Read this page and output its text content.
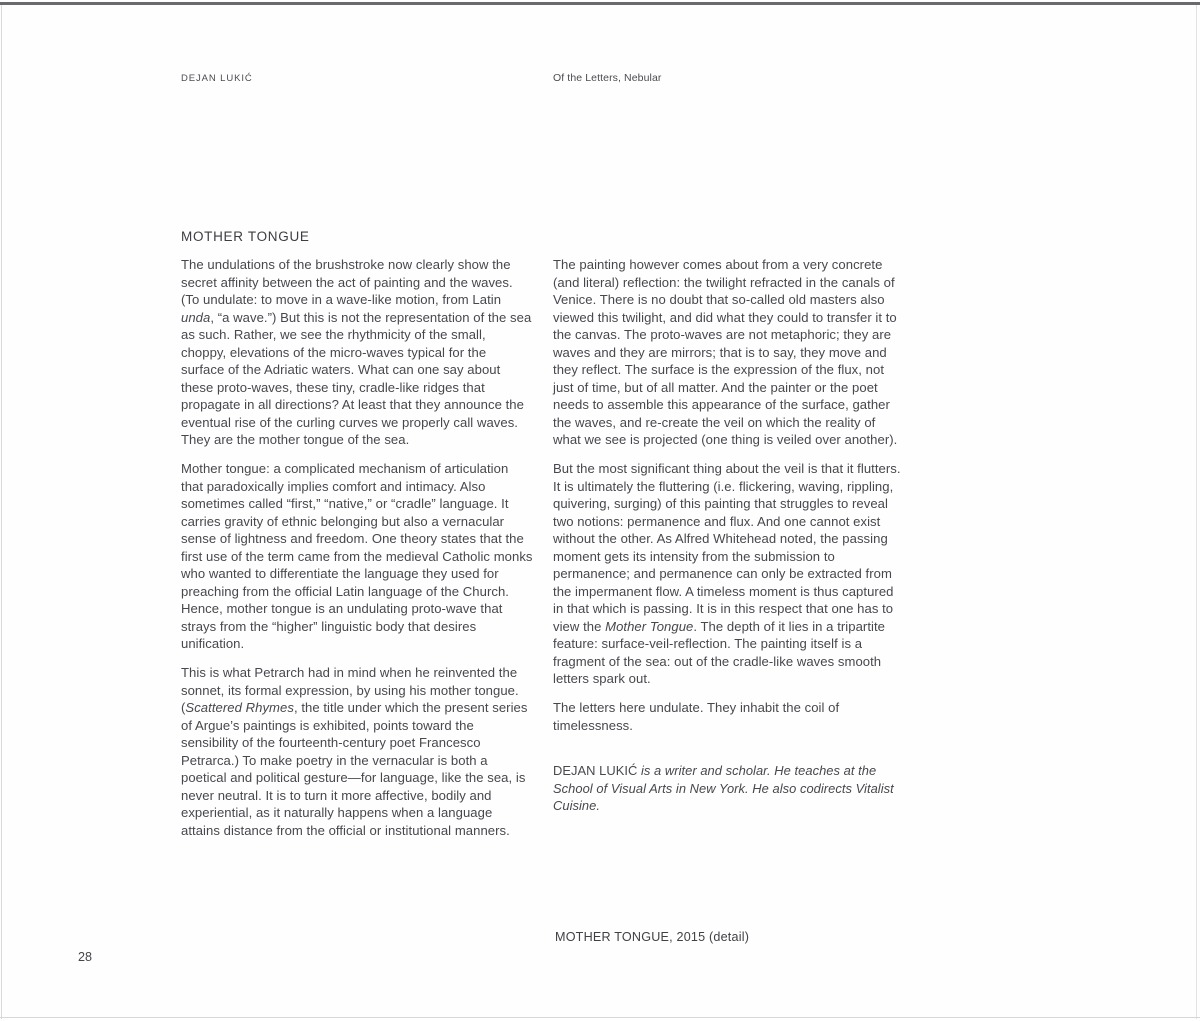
DEJAN LUKIĆ	Of the Letters, Nebular
MOTHER TONGUE

The undulations of the brushstroke now clearly show the secret affinity between the act of painting and the waves. (To undulate: to move in a wave-like motion, from Latin unda, “a wave.”) But this is not the representation of the sea as such. Rather, we see the rhythmicity of the small, choppy, elevations of the micro-waves typical for the surface of the Adriatic waters. What can one say about these proto-waves, these tiny, cradle-like ridges that propagate in all directions? At least that they announce the eventual rise of the curling curves we properly call waves. They are the mother tongue of the sea.

Mother tongue: a complicated mechanism of articulation that paradoxically implies comfort and intimacy. Also sometimes called “first,” “native,” or “cradle” language. It carries gravity of ethnic belonging but also a vernacular sense of lightness and freedom. One theory states that the first use of the term came from the medieval Catholic monks who wanted to differentiate the language they used for preaching from the official Latin language of the Church. Hence, mother tongue is an undulating proto-wave that strays from the “higher” linguistic body that desires unification.

This is what Petrarch had in mind when he reinvented the sonnet, its formal expression, by using his mother tongue. (Scattered Rhymes, the title under which the present series of Argue’s paintings is exhibited, points toward the sensibility of the fourteenth-century poet Francesco Petrarca.) To make poetry in the vernacular is both a poetical and political gesture—for language, like the sea, is never neutral. It is to turn it more affective, bodily and experiential, as it naturally happens when a language attains distance from the official or institutional manners.

The painting however comes about from a very concrete (and literal) reflection: the twilight refracted in the canals of Venice. There is no doubt that so-called old masters also viewed this twilight, and did what they could to transfer it to the canvas. The proto-waves are not metaphoric; they are waves and they are mirrors; that is to say, they move and they reflect. The surface is the expression of the flux, not just of time, but of all matter. And the painter or the poet needs to assemble this appearance of the surface, gather the waves, and re-create the veil on which the reality of what we see is projected (one thing is veiled over another).

But the most significant thing about the veil is that it flutters. It is ultimately the fluttering (i.e. flickering, waving, rippling, quivering, surging) of this painting that struggles to reveal two notions: permanence and flux. And one cannot exist without the other. As Alfred Whitehead noted, the passing moment gets its intensity from the submission to permanence; and permanence can only be extracted from the impermanent flow. A timeless moment is thus captured in that which is passing. It is in this respect that one has to view the Mother Tongue. The depth of it lies in a tripartite feature: surface-veil-reflection. The painting itself is a fragment of the sea: out of the cradle-like waves smooth letters spark out.

The letters here undulate. They inhabit the coil of timelessness.

DEJAN LUKIĆ is a writer and scholar. He teaches at the School of Visual Arts in New York. He also codirects Vitalist Cuisine.

MOTHER TONGUE, 2015 (detail)
28
